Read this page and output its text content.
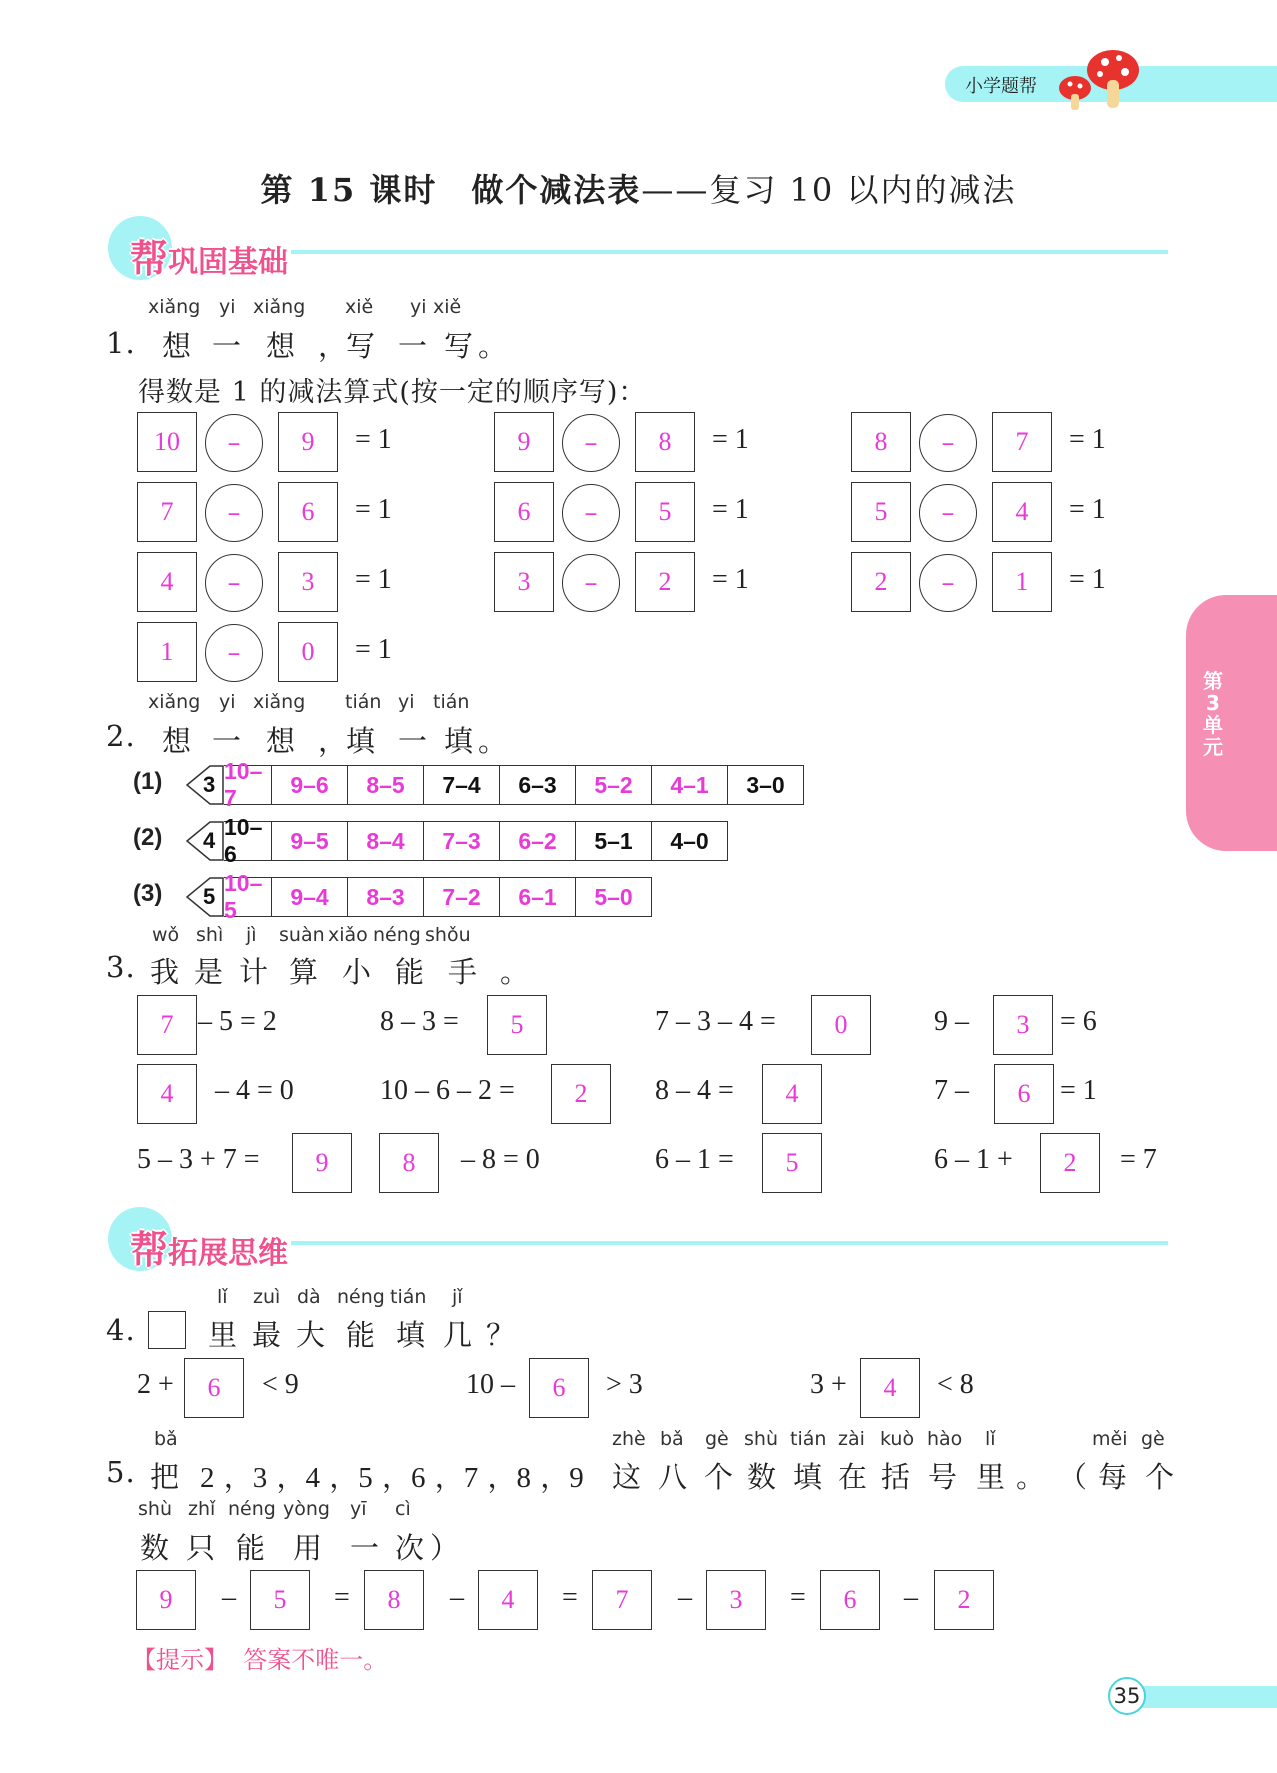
小学题帮
第 15 课时　做个减法表——复习 10 以内的减法
帮巩固基础
xiǎng yi xiǎng xiě yi xiě
1. 想 一 想 ，
写 一 写 。
得数是 1 的减法算式(按一定的顺序写)：
10	–	9	= 1	9	–	8	= 1	8	–	7	= 1
7	–	6	= 1	6	–	5	= 1	5	–	4	= 1
4	–	3	= 1	3	–	2	= 1	2	–	1	= 1
1	–	0	= 1
xiǎng yi xiǎng tián yi tián
2. 想 一 想 ，
填 一 填 。
(1) 3
10–7
9–6	8–5	7–4	6–3	5–2	4–1	3–0
(2) 4
10–6
9–5	8–4	7–3	6–2	5–1	4–0
(3) 5
10–5
9–4	8–3	7–2	6–1	5–0
wǒ shì jì suàn xiǎo néng shǒu
3. 我 是 计 算 小 能 手 。
7 – 5 = 2	8 – 3 =	5	7 – 3 – 4 =	0	9 –	3	= 6
4	– 4 = 0	10 – 6 – 2 =	2	8 – 4 =	4	7 –	6	= 1
5 – 3 + 7 =	9	8	– 8 = 0	6 – 1 =	5	6 – 1 +	2	= 7
帮拓展思维
lǐ zuì dà néng tián jǐ
4. 里 最 大 能 填 几 ？
2 +	6	< 9	10 –	6	> 3	3 +	4	< 8
bǎ	zhè bǎ gè shù tián zài kuò hào lǐ	měi gè
5. 把 2 ，3 ，4 ，5 ，6 ，7 ，8 ，9 这 八 个 数 填 在 括 号 里 。 （ 每 个
shù zhǐ néng yòng yī cì
数 只 能 用 一 次 ）
9	5	8	4	7	3	6	2
–	=	–	=	–	=	–
【提示】 答案不唯一。
第3单元
35
